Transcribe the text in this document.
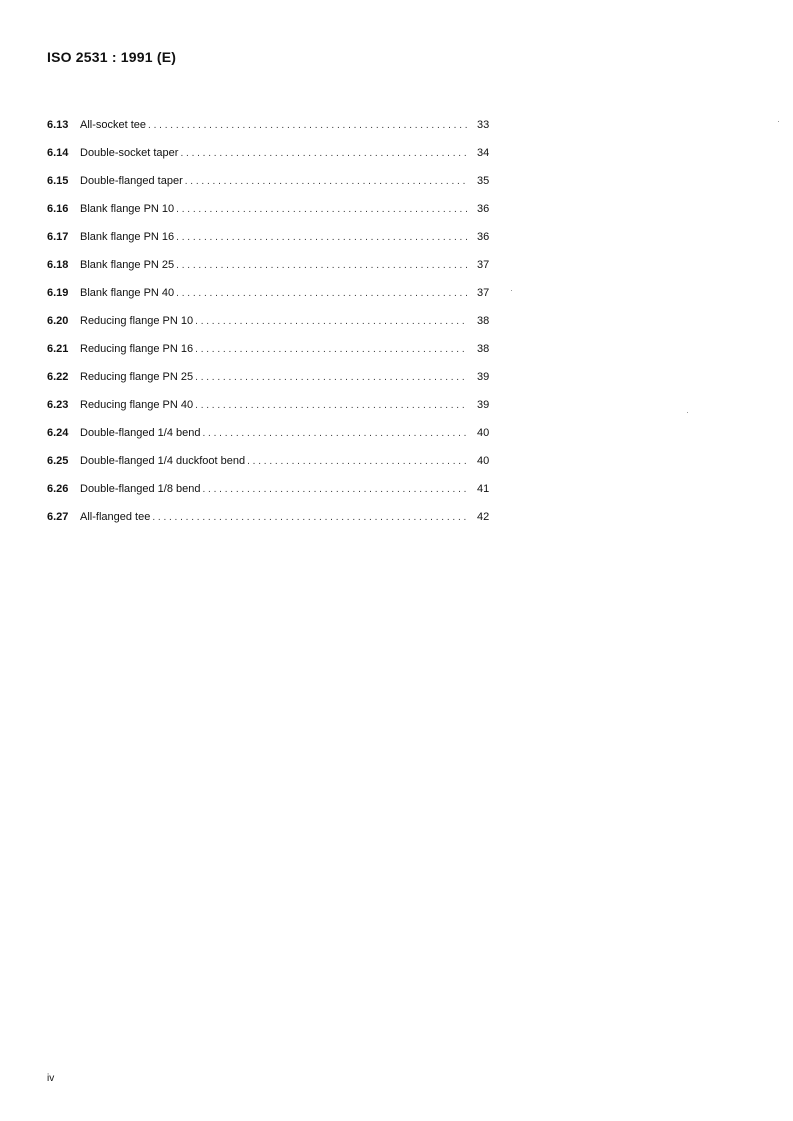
ISO 2531 : 1991 (E)
6.13	All-socket tee . . .	33
6.14	Double-socket taper . . .	34
6.15	Double-flanged taper . . .	35
6.16	Blank flange PN 10 . . .	36
6.17	Blank flange PN 16 . . .	36
6.18	Blank flange PN 25 . . .	37
6.19	Blank flange PN 40 . . .	37
6.20	Reducing flange PN 10 . . .	38
6.21	Reducing flange PN 16 . . .	38
6.22	Reducing flange PN 25 . . .	39
6.23	Reducing flange PN 40 . . .	39
6.24	Double-flanged 1/4 bend . . .	40
6.25	Double-flanged 1/4 duckfoot bend . . .	40
6.26	Double-flanged 1/8 bend . . .	41
6.27	All-flanged tee . . .	42
iv
